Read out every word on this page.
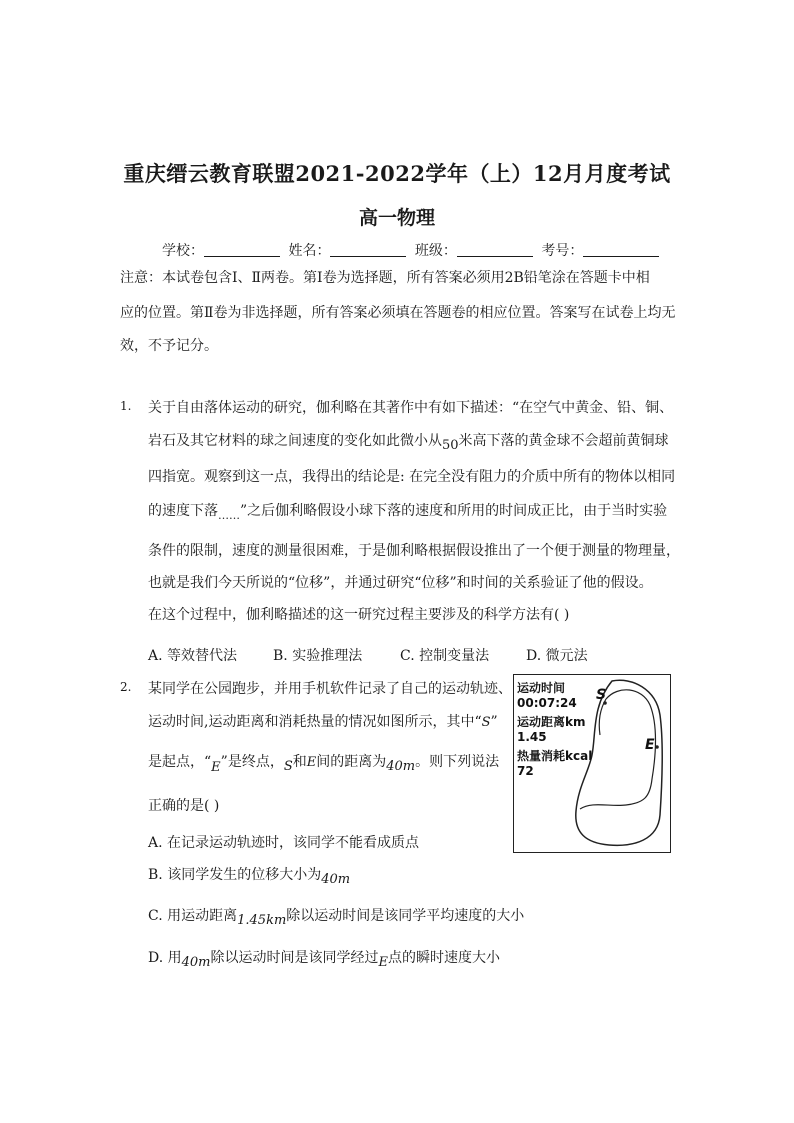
重庆缙云教育联盟2021-2022学年（上）12月月度考试
高一物理
学校：	姓名：	班级：	考号：
注意：本试卷包含Ⅰ、Ⅱ两卷。第Ⅰ卷为选择题，所有答案必须用2B铅笔涂在答题卡中相
应的位置。第Ⅱ卷为非选择题，所有答案必须填在答题卷的相应位置。答案写在试卷上均无
效，不予记分。
1. 关于自由落体运动的研究，伽利略在其著作中有如下描述：“在空气中黄金、铅、铜、
岩石及其它材料的球之间速度的变化如此微小从50米高下落的黄金球不会超前黄铜球
四指宽。观察到这一点，我得出的结论是: 在完全没有阻力的介质中所有的物体以相同
的速度下落$_{\dots\dots}$”之后伽利略假设小球下落的速度和所用的时间成正比，由于当时实验
条件的限制，速度的测量很困难，于是伽利略根据假设推出了一个便于测量的物理量，
也就是我们今天所说的“位移”，并通过研究“位移”和时间的关系验证了他的假设。
在这个过程中，伽利略描述的这一研究过程主要涉及的科学方法有( )
A. 等效替代法	B. 实验推理法	C. 控制变量法	D. 微元法
2. 某同学在公园跑步，并用手机软件记录了自己的运动轨迹、
运动时间,运动距离和消耗热量的情况如图所示，其中“S”
是起点，“E”是终点，S和E间的距离为40m。则下列说法
正确的是( )
A. 在记录运动轨迹时，该同学不能看成质点
B. 该同学发生的位移大小为40m
C. 用运动距离1.45km除以运动时间是该同学平均速度的大小
D. 用40m除以运动时间是该同学经过E点的瞬时速度大小
运动时间
00:07:24
运动距离km
1.45
热量消耗kcal
72
S
E
